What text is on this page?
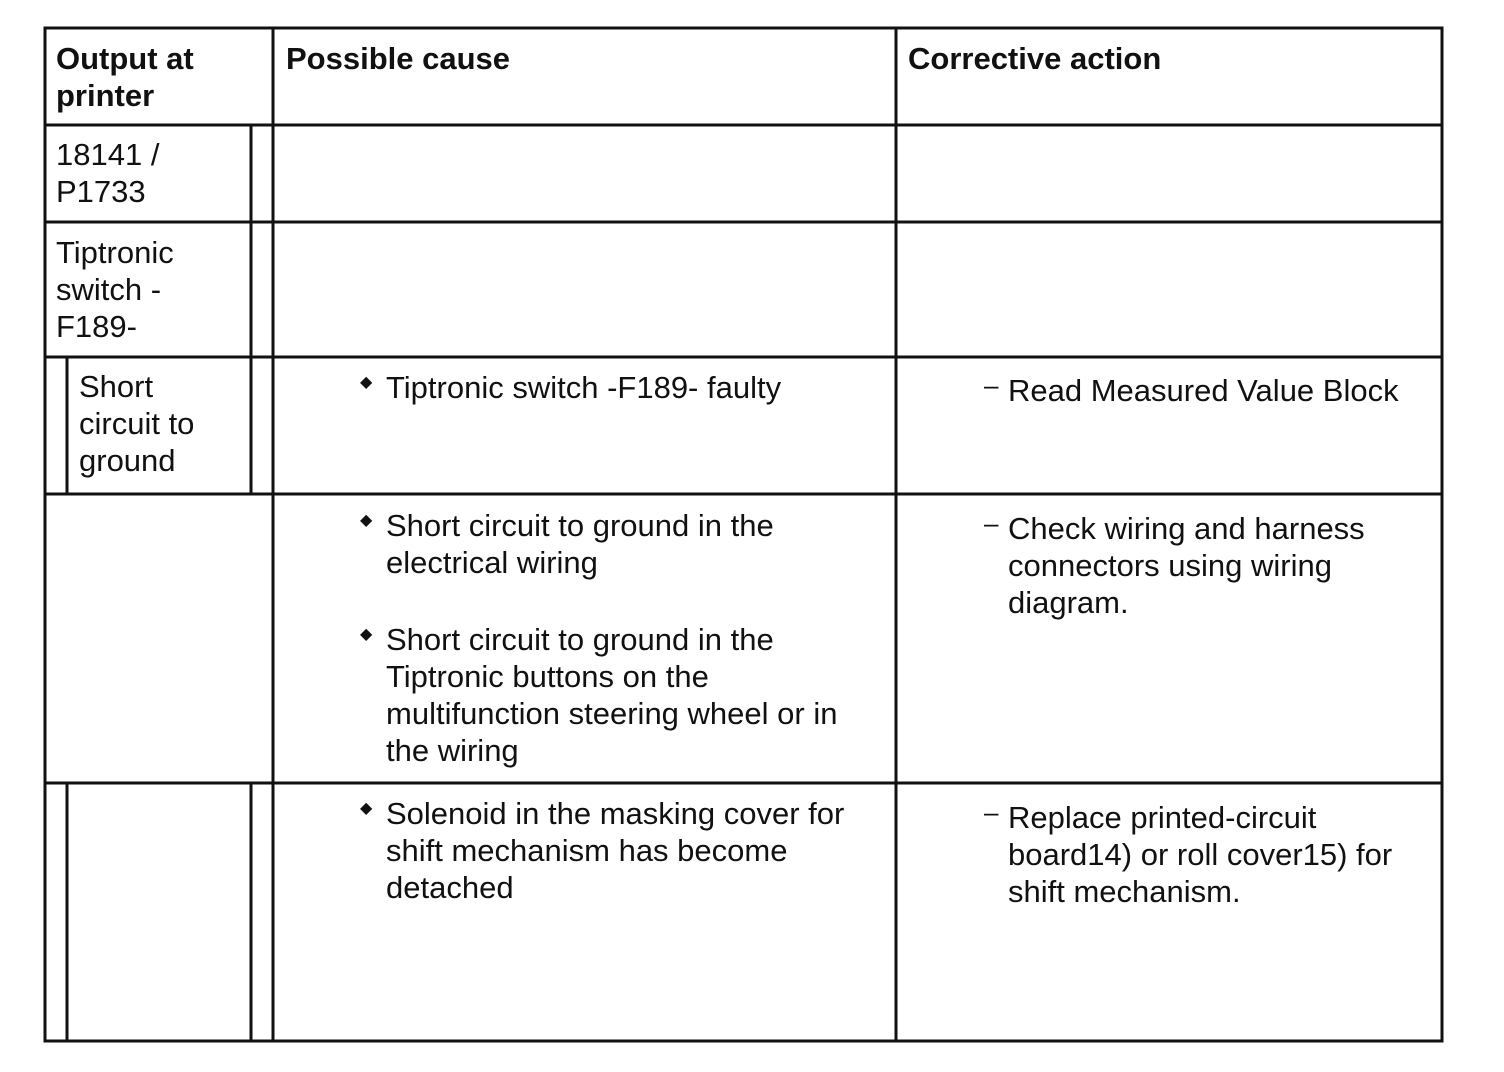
Output at
printer

Possible cause	Corrective action

18141 /
P1733

Tiptronic
switch -
F189-

Short
circuit to
ground

◆ Tiptronic switch -F189- faulty

◆ Short circuit to ground in the
electrical wiring

◆ Short circuit to ground in the
Tiptronic buttons on the
multifunction steering wheel or in
the wiring

◆ Solenoid in the masking cover for
shift mechanism has become
detached

– Read Measured Value Block

– Check wiring and harness
connectors using wiring
diagram.

– Replace printed-circuit
board14) or roll cover15) for
shift mechanism.
